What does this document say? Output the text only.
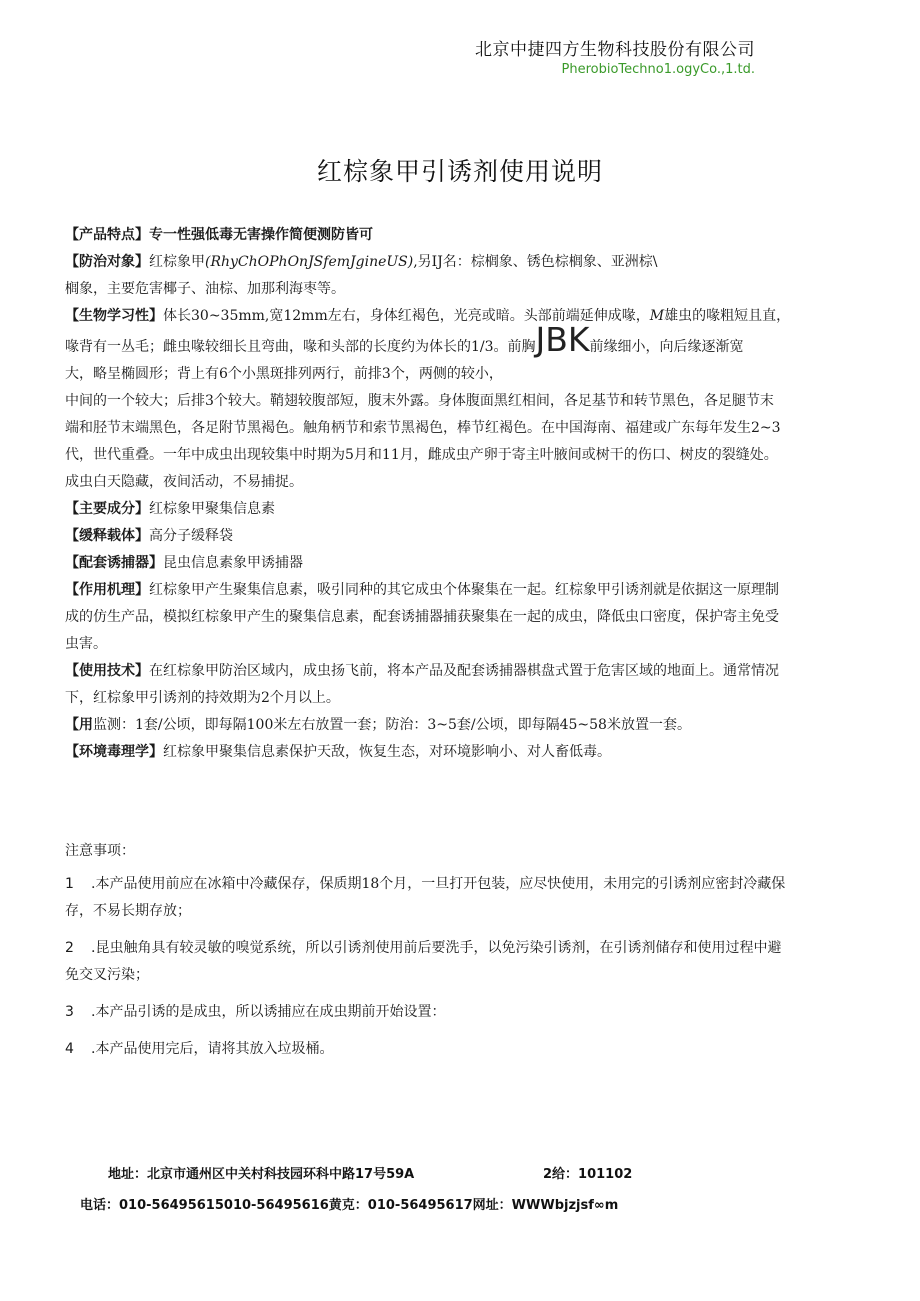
北京中捷四方生物科技股份有限公司
PherobioTechno1.ogyCo.,1.td.
红棕象甲引诱剂使用说明

【产品特点】专一性强低毒无害操作简便测防皆可

【防治对象】红棕象甲(RhyChOPhOnJSfemJgineUS),另IJ名：棕榈象、锈色棕榈象、亚洲棕\
榈象，主要危害椰子、油棕、加那利海枣等。

【生物学习性】体长30~35mm,宽12mm左右，身体红褐色，光亮或暗。头部前端延伸成喙，M雄虫的喙粗短且直，
喙背有一丛毛；雌虫喙较细长且弯曲，喙和头部的长度约为体长的1/3。前胸JBK前缘细小，向后缘逐渐宽
大，略呈椭圆形；背上有6个小黑斑排列两行，前排3个，两侧的较小，
中间的一个较大；后排3个较大。鞘翅较腹部短，腹末外露。身体腹面黑红相间，各足基节和转节黑色，各足腿节末
端和胫节末端黑色，各足附节黑褐色。触角柄节和索节黑褐色，棒节红褐色。在中国海南、福建或广东每年发生2~3
代，世代重叠。一年中成虫出现较集中时期为5月和11月，雌成虫产卵于寄主叶腋间或树干的伤口、树皮的裂缝处。
成虫白天隐藏，夜间活动，不易捕捉。

【主要成分】红棕象甲聚集信息素

【缓释载体】高分子缓释袋

【配套诱捕器】昆虫信息素象甲诱捕器

【作用机理】红棕象甲产生聚集信息素，吸引同种的其它成虫个体聚集在一起。红棕象甲引诱剂就是依据这一原理制
成的仿生产品，模拟红棕象甲产生的聚集信息素，配套诱捕器捕获聚集在一起的成虫，降低虫口密度，保护寄主免受
虫害。

【使用技术】在红棕象甲防治区域内，成虫扬飞前，将本产品及配套诱捕器棋盘式置于危害区域的地面上。通常情况
下，红棕象甲引诱剂的持效期为2个月以上。

【用监测：1套/公顷，即每隔100米左右放置一套；防治：3~5套/公顷，即每隔45~58米放置一套。

【环境毒理学】红棕象甲聚集信息素保护天敌，恢复生态，对环境影响小、对人畜低毒。

注意事项：

1 .本产品使用前应在冰箱中冷藏保存，保质期18个月，一旦打开包装，应尽快使用，未用完的引诱剂应密封冷藏保
存，不易长期存放；

2 .昆虫触角具有较灵敏的嗅觉系统，所以引诱剂使用前后要洗手，以免污染引诱剂，在引诱剂储存和使用过程中避
免交叉污染；

3 .本产品引诱的是成虫，所以诱捕应在成虫期前开始设置：

4 .本产品使用完后，请将其放入垃圾桶。

地址：北京市通州区中关村科技园环科中路17号59A	2给：101102
电话：010-56495615010-56495616黄克：010-56495617网址：WWWbjzjsf∞m
